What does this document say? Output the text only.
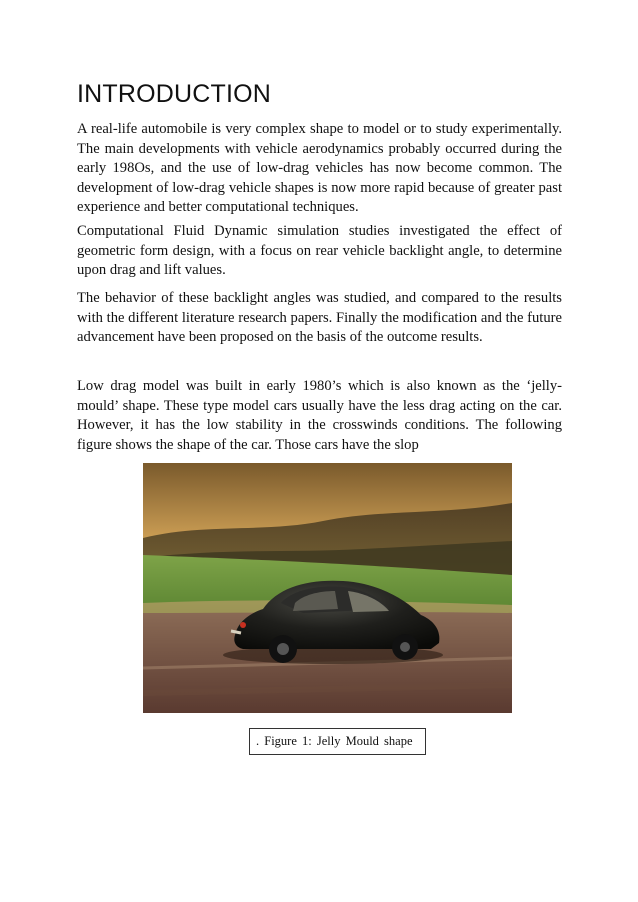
INTRODUCTION

A real-life automobile is very complex shape to model or to study experimentally. The main developments with vehicle aerodynamics probably occurred during the early 198Os, and the use of low-drag vehicles has now become common. The development of low-drag vehicle shapes is now more rapid because of greater past experience and better computational techniques.

Computational Fluid Dynamic simulation studies investigated the effect of geometric form design, with a focus on rear vehicle backlight angle, to determine upon drag and lift values.

The behavior of these backlight angles was studied, and compared to the results with the different literature research papers. Finally the modification and the future advancement have been proposed on the basis of the outcome results.

Low drag model was built in early 1980’s which is also known as the ‘jelly-mould’ shape. These type model cars usually have the less drag acting on the car. However, it has the low stability in the crosswinds conditions. The following figure shows the shape of the car. Those cars have the slop

. Figure 1: Jelly Mould shape
